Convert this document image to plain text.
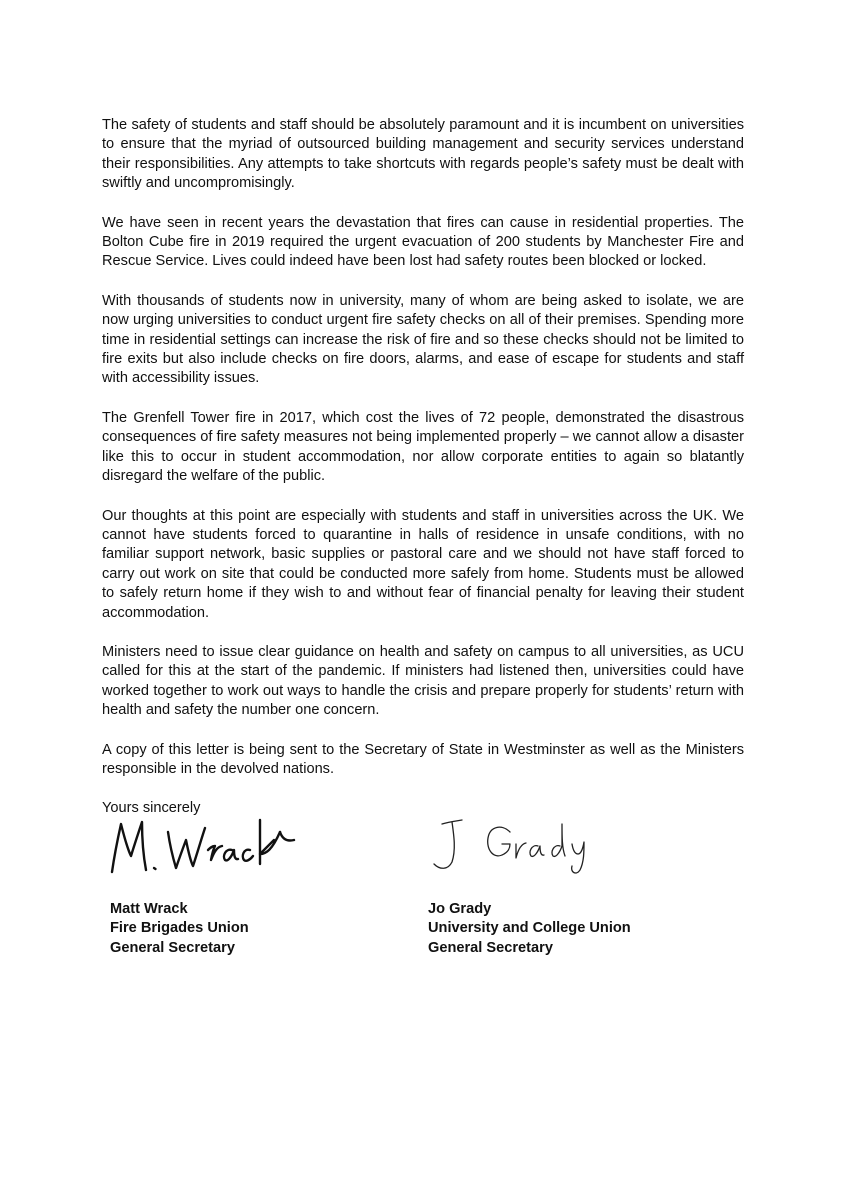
The safety of students and staff should be absolutely paramount and it is incumbent on universities to ensure that the myriad of outsourced building management and security services understand their responsibilities. Any attempts to take shortcuts with regards people’s safety must be dealt with swiftly and uncompromisingly.

We have seen in recent years the devastation that fires can cause in residential properties. The Bolton Cube fire in 2019 required the urgent evacuation of 200 students by Manchester Fire and Rescue Service. Lives could indeed have been lost had safety routes been blocked or locked.

With thousands of students now in university, many of whom are being asked to isolate, we are now urging universities to conduct urgent fire safety checks on all of their premises. Spending more time in residential settings can increase the risk of fire and so these checks should not be limited to fire exits but also include checks on fire doors, alarms, and ease of escape for students and staff with accessibility issues.

The Grenfell Tower fire in 2017, which cost the lives of 72 people, demonstrated the disastrous consequences of fire safety measures not being implemented properly – we cannot allow a disaster like this to occur in student accommodation, nor allow corporate entities to again so blatantly disregard the welfare of the public.

Our thoughts at this point are especially with students and staff in universities across the UK. We cannot have students forced to quarantine in halls of residence in unsafe conditions, with no familiar support network, basic supplies or pastoral care and we should not have staff forced to carry out work on site that could be conducted more safely from home. Students must be allowed to safely return home if they wish to and without fear of financial penalty for leaving their student accommodation.

Ministers need to issue clear guidance on health and safety on campus to all universities, as UCU called for this at the start of the pandemic. If ministers had listened then, universities could have worked together to work out ways to handle the crisis and prepare properly for students’ return with health and safety the number one concern.

A copy of this letter is being sent to the Secretary of State in Westminster as well as the Ministers responsible in the devolved nations.

Yours sincerely

Matt Wrack
Fire Brigades Union
General Secretary
Jo Grady
University and College Union
General Secretary
